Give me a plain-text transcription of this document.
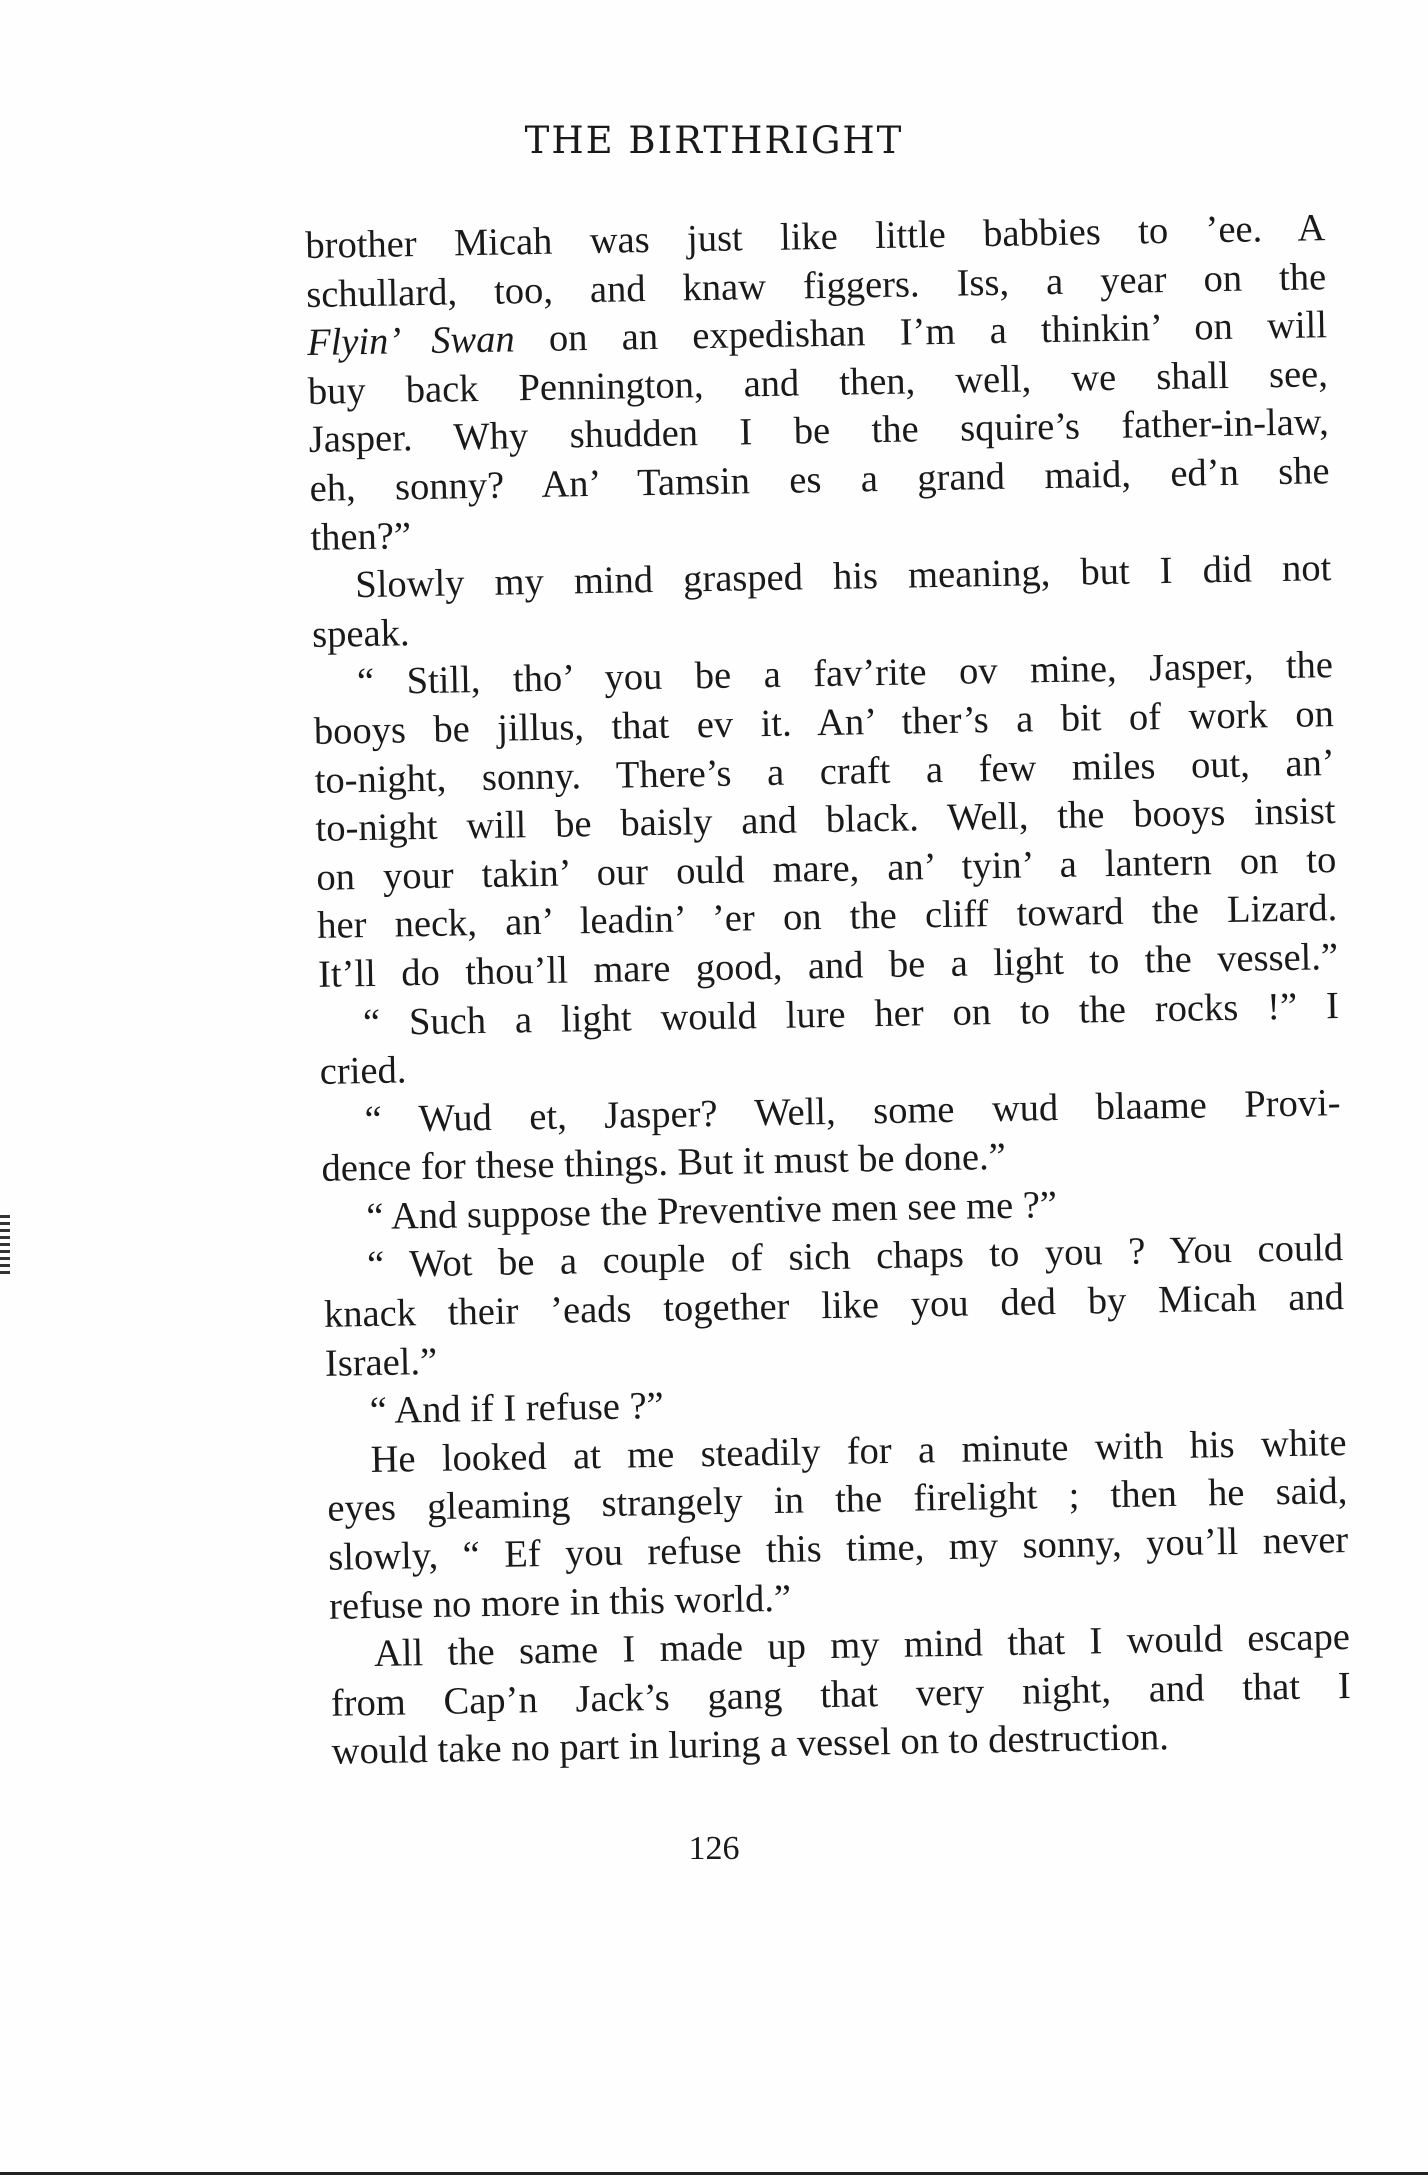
THE BIRTHRIGHT
brother Micah was just like little babbies to ’ee. A
schullard, too, and knaw figgers. Iss, a year on the
Flyin’ Swan on an expedishan I’m a thinkin’ on will
buy back Pennington, and then, well, we shall see,
Jasper. Why shudden I be the squire’s father-in-law,
eh, sonny? An’ Tamsin es a grand maid, ed’n she
then?”
Slowly my mind grasped his meaning, but I did not
speak.
“ Still, tho’ you be a fav’rite ov mine, Jasper, the
booys be jillus, that ev it. An’ ther’s a bit of work on
to-night, sonny. There’s a craft a few miles out, an’
to-night will be baisly and black. Well, the booys insist
on your takin’ our ould mare, an’ tyin’ a lantern on to
her neck, an’ leadin’ ’er on the cliff toward the Lizard.
It’ll do thou’ll mare good, and be a light to the vessel.”
“ Such a light would lure her on to the rocks !” I
cried.
“ Wud et, Jasper? Well, some wud blaame Provi-
dence for these things. But it must be done.”
“ And suppose the Preventive men see me ?”
“ Wot be a couple of sich chaps to you ? You could
knack their ’eads together like you ded by Micah and
Israel.”
“ And if I refuse ?”
He looked at me steadily for a minute with his white
eyes gleaming strangely in the firelight ; then he said,
slowly, “ Ef you refuse this time, my sonny, you’ll never
refuse no more in this world.”
All the same I made up my mind that I would escape
from Cap’n Jack’s gang that very night, and that I
would take no part in luring a vessel on to destruction.
126
